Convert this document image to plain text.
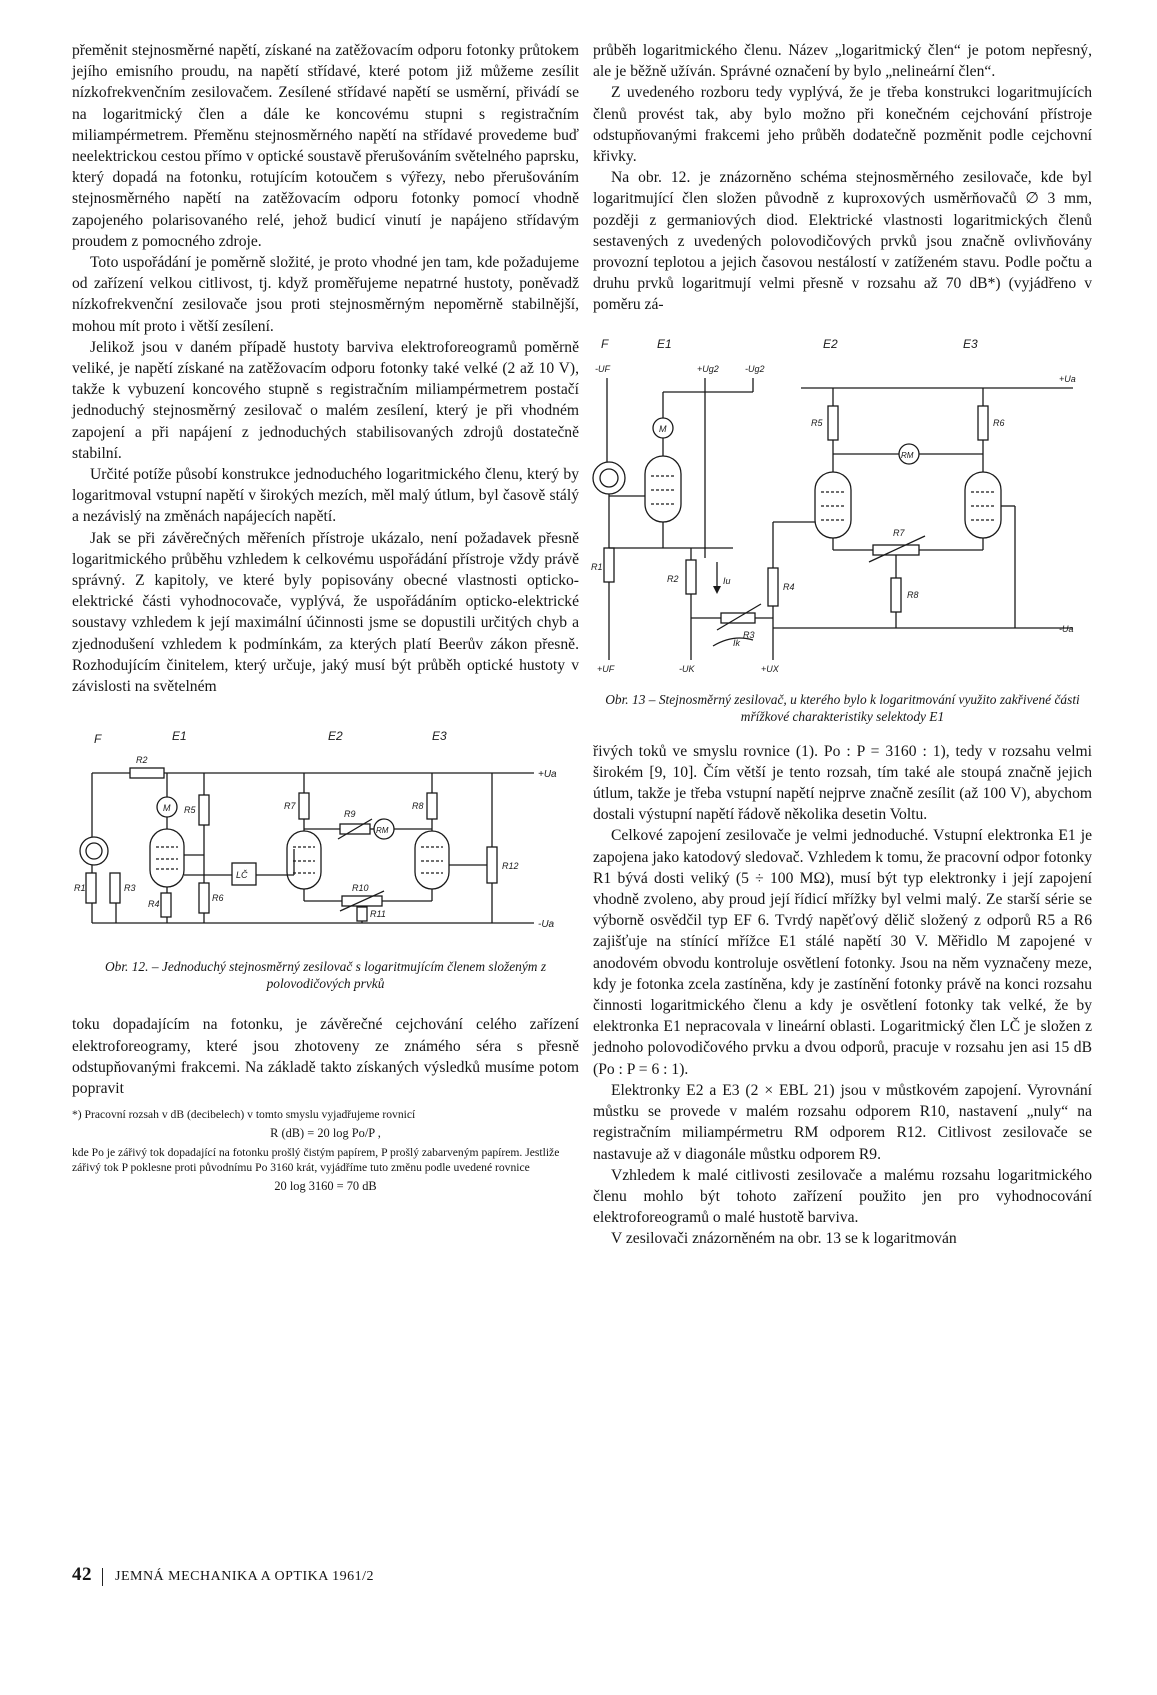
přeměnit stejnosměrné napětí, získané na zatěžovacím odporu fotonky průtokem jejího emisního proudu, na napětí střídavé, které potom již můžeme zesílit nízkofrekvenčním zesilovačem. Zesílené střídavé napětí se usměrní, přivádí se na logaritmický člen a dále ke koncovému stupni s registračním miliampérmetrem. Přeměnu stejnosměrného napětí na střídavé provedeme buď neelektrickou cestou přímo v optické soustavě přerušováním světelného paprsku, který dopadá na fotonku, rotujícím kotoučem s výřezy, nebo přerušováním stejnosměrného napětí na zatěžovacím odporu fotonky pomocí vhodně zapojeného polarisovaného relé, jehož budicí vinutí je napájeno střídavým proudem z pomocného zdroje.

Toto uspořádání je poměrně složité, je proto vhodné jen tam, kde požadujeme od zařízení velkou citlivost, tj. když proměřujeme nepatrné hustoty, poněvadž nízkofrekvenční zesilovače jsou proti stejnosměrným nepoměrně stabilnější, mohou mít proto i větší zesílení.

Jelikož jsou v daném případě hustoty barviva elektroforeogramů poměrně veliké, je napětí získané na zatěžovacím odporu fotonky také velké (2 až 10 V), takže k vybuzení koncového stupně s registračním miliampérmetrem postačí jednoduchý stejnosměrný zesilovač o malém zesílení, který je při vhodném zapojení a při napájení z jednoduchých stabilisovaných zdrojů dostatečně stabilní.

Určité potíže působí konstrukce jednoduchého logaritmického členu, který by logaritmoval vstupní napětí v širokých mezích, měl malý útlum, byl časově stálý a nezávislý na změnách napájecích napětí.

Jak se při závěrečných měřeních přístroje ukázalo, není požadavek přesně logaritmického průběhu vzhledem k celkovému uspořádání přístroje vždy právě správný. Z kapitoly, ve které byly popisovány obecné vlastnosti opticko-elektrické části vyhodnocovače, vyplývá, že uspořádáním opticko-elektrické soustavy vzhledem k její maximální účinnosti jsme se dopustili určitých chyb a zjednodušení vzhledem k podmínkám, za kterých platí Beerův zákon přesně. Rozhodujícím činitelem, který určuje, jaký musí být průběh optické hustoty v závislosti na světelném

F	E1	E2	E3
+Ua
-Ua
R2
R1	R3
M
R4
R5
R6
LČ
R7
R9
RM
R8
R10
R11
R12

Obr. 12. – Jednoduchý stejnosměrný zesilovač s logaritmujícím členem složeným z polovodičových prvků

toku dopadajícím na fotonku, je závěrečné cejchování celého zařízení elektroforeogramy, které jsou zhotoveny ze známého séra s přesně odstupňovanými frakcemi. Na základě takto získaných výsledků musíme potom popravit

*) Pracovní rozsah v dB (decibelech) v tomto smyslu vyjadřujeme rovnicí

R (dB) = 20 log Po/P ,

kde Po je zářivý tok dopadající na fotonku prošlý čistým papírem, P prošlý zabarveným papírem. Jestliže zářivý tok P poklesne proti původnímu Po 3160 krát, vyjádříme tuto změnu podle uvedené rovnice

20 log 3160 = 70 dB

průběh logaritmického členu. Název „logaritmický člen“ je potom nepřesný, ale je běžně užíván. Správné označení by bylo „nelineární člen“.

Z uvedeného rozboru tedy vyplývá, že je třeba konstrukci logaritmujících členů provést tak, aby bylo možno při konečném cejchování přístroje odstupňovanými frakcemi jeho průběh dodatečně pozměnit podle cejchovní křivky.

Na obr. 12. je znázorněno schéma stejnosměrného zesilovače, kde byl logaritmující člen složen původně z kuproxových usměrňovačů ∅ 3 mm, později z germaniových diod. Elektrické vlastnosti logaritmických členů sestavených z uvedených polovodičových prvků jsou značně ovlivňovány provozní teplotou a jejich časovou nestálostí v zatíženém stavu. Podle počtu a druhu prvků logaritmují velmi přesně v rozsahu až 70 dB*) (vyjádřeno v poměru zá-

F	E1	E2	E3
-UF	+Ug2	-Ug2
R1
M
R2	Iu
R3
Ik
R4
+UF	-UK	+UX
+Ua
R5	R6
RM
R7
R8
-Ua

Obr. 13 – Stejnosměrný zesilovač, u kterého bylo k logaritmování využito zakřivené části mřížkové charakteristiky selektody E1

řivých toků ve smyslu rovnice (1). Po : P = 3160 : 1), tedy v rozsahu velmi širokém [9, 10]. Čím větší je tento rozsah, tím také ale stoupá značně jejich útlum, takže je třeba vstupní napětí nejprve značně zesílit (až 100 V), abychom dostali výstupní napětí řádově několika desetin Voltu.

Celkové zapojení zesilovače je velmi jednoduché. Vstupní elektronka E1 je zapojena jako katodový sledovač. Vzhledem k tomu, že pracovní odpor fotonky R1 bývá dosti veliký (5 ÷ 100 MΩ), musí být typ elektronky i její zapojení vhodně zvoleno, aby proud její řídicí mřížky byl velmi malý. Ze starší série se výborně osvědčil typ EF 6. Tvrdý napěťový dělič složený z odporů R5 a R6 zajišťuje na stínící mřížce E1 stálé napětí 30 V. Měřidlo M zapojené v anodovém obvodu kontroluje osvětlení fotonky. Jsou na něm vyznačeny meze, kdy je fotonka zcela zastíněna, kdy je zastínění fotonky právě na konci rozsahu činnosti logaritmického členu a kdy je osvětlení fotonky tak velké, že by elektronka E1 nepracovala v lineární oblasti. Logaritmický člen LČ je složen z jednoho polovodičového prvku a dvou odporů, pracuje v rozsahu jen asi 15 dB (Po : P = 6 : 1).

Elektronky E2 a E3 (2 × EBL 21) jsou v můstkovém zapojení. Vyrovnání můstku se provede v malém rozsahu odporem R10, nastavení „nuly“ na registračním miliampérmetru RM odporem R12. Citlivost zesilovače se nastavuje až v diagonále můstku odporem R9.

Vzhledem k malé citlivosti zesilovače a malému rozsahu logaritmického členu mohlo být tohoto zařízení použito jen pro vyhodnocování elektroforeogramů o malé hustotě barviva.

V zesilovači znázorněném na obr. 13 se k logaritmován

42 JEMNÁ MECHANIKA A OPTIKA 1961/2
